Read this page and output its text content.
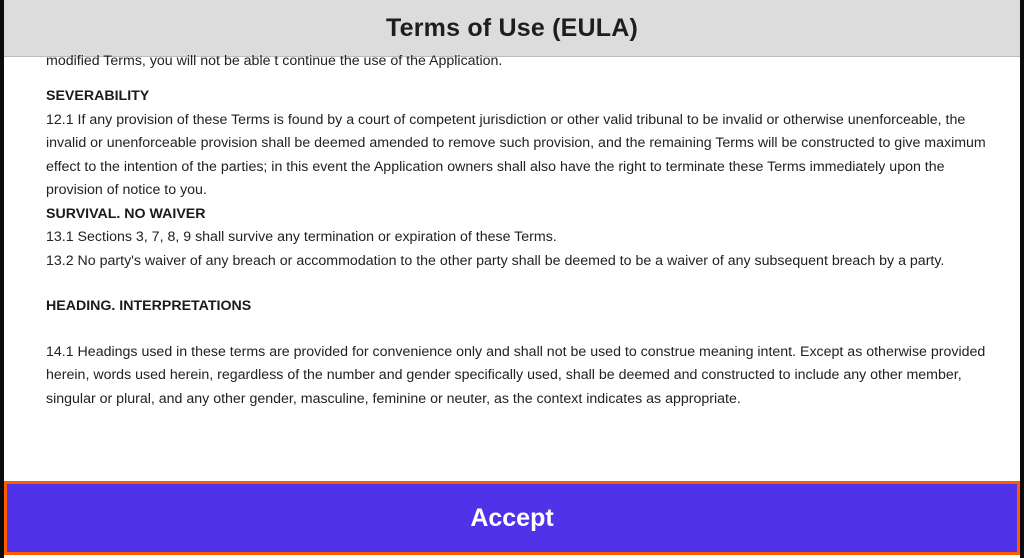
Terms of Use (EULA)

modified Terms, you will not be able t continue the use of the Application.

SEVERABILITY

12.1 If any provision of these Terms is found by a court of competent jurisdiction or other valid tribunal to be invalid or otherwise unenforceable, the invalid or unenforceable provision shall be deemed amended to remove such provision, and the remaining Terms will be constructed to give maximum effect to the intention of the parties; in this event the Application owners shall also have the right to terminate these Terms immediately upon the provision of notice to you.

SURVIVAL. NO WAIVER

13.1 Sections 3, 7, 8, 9 shall survive any termination or expiration of these Terms.

13.2 No party's waiver of any breach or accommodation to the other party shall be deemed to be a waiver of any subsequent breach by a party.

HEADING. INTERPRETATIONS

14.1 Headings used in these terms are provided for convenience only and shall not be used to construe meaning intent. Except as otherwise provided herein, words used herein, regardless of the number and gender specifically used, shall be deemed and constructed to include any other member, singular or plural, and any other gender, masculine, feminine or neuter, as the context indicates as appropriate.

Accept
